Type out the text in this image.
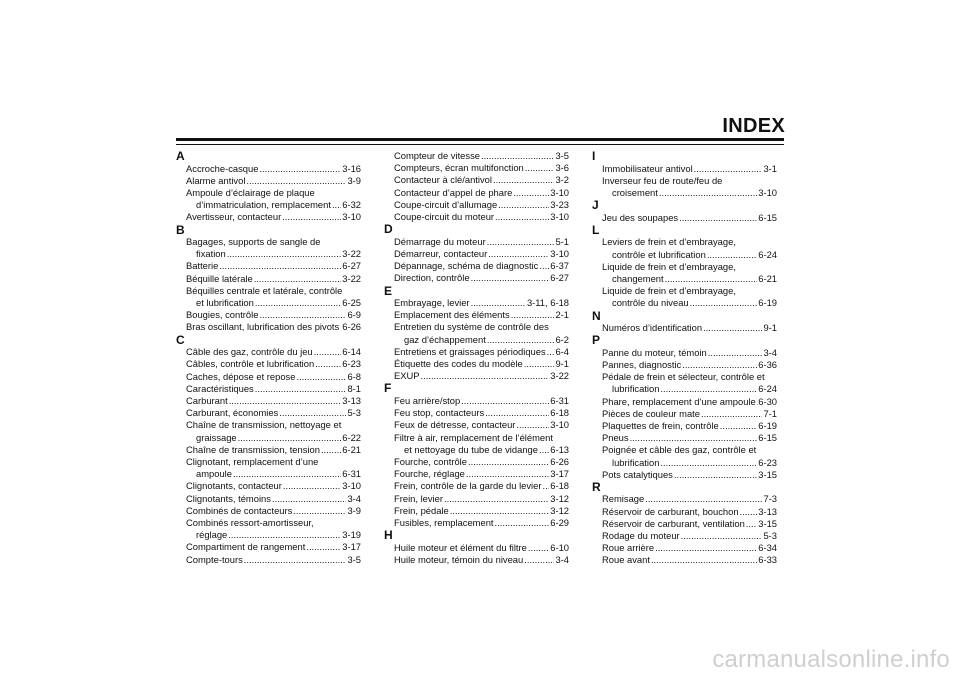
INDEX
A
Accroche-casque .....	3-16
Alarme antivol .....	3-9
Ampoule d’éclairage de plaque
d’immatriculation, remplacement ..... 6-32
Avertisseur, contacteur .....	3-10
B
Bagages, supports de sangle de
fixation .....	3-22
Batterie .....	6-27
Béquille latérale .....	3-22
Béquilles centrale et latérale, contrôle
et lubrification .....	6-25
Bougies, contrôle .....	6-9
Bras oscillant, lubrification des pivots ..... 6-26
C
Câble des gaz, contrôle du jeu .....	6-14
Câbles, contrôle et lubrification .....	6-23
Caches, dépose et repose .....	6-8
Caractéristiques .....	8-1
Carburant .....	3-13
Carburant, économies .....	5-3
Chaîne de transmission, nettoyage et
graissage .....	6-22
Chaîne de transmission, tension ..... 6-21
Clignotant, remplacement d’une
ampoule .....	6-31
Clignotants, contacteur .....	3-10
Clignotants, témoins .....	3-4
Combinés de contacteurs .....	3-9
Combinés ressort-amortisseur,
réglage .....	3-19
Compartiment de rangement .....	3-17
Compte-tours .....	3-5
Compteur de vitesse .....	3-5
Compteurs, écran multifonction .....	3-6
Contacteur à clé/antivol .....	3-2
Contacteur d’appel de phare .....	3-10
Coupe-circuit d’allumage .....	3-23
Coupe-circuit du moteur .....	3-10
D
Démarrage du moteur .....	5-1
Démarreur, contacteur .....	3-10
Dépannage, schéma de diagnostic ..... 6-37
Direction, contrôle .....	6-27
E
Embrayage, levier .....	3-11, 6-18
Emplacement des éléments .....	2-1
Entretien du système de contrôle des
gaz d’échappement .....	6-2
Entretiens et graissages périodiques ..... 6-4
Étiquette des codes du modèle .....	9-1
EXUP .....	3-22
F
Feu arrière/stop .....	6-31
Feu stop, contacteurs .....	6-18
Feux de détresse, contacteur .....	3-10
Filtre à air, remplacement de l’élément
et nettoyage du tube de vidange ..... 6-13
Fourche, contrôle .....	6-26
Fourche, réglage .....	3-17
Frein, contrôle de la garde du levier ..... 6-18
Frein, levier .....	3-12
Frein, pédale .....	3-12
Fusibles, remplacement .....	6-29
H
Huile moteur et élément du filtre ..... 6-10
Huile moteur, témoin du niveau .....	3-4
I
Immobilisateur antivol .....	3-1
Inverseur feu de route/feu de
croisement .....	3-10
J
Jeu des soupapes .....	6-15
L
Leviers de frein et d’embrayage,
contrôle et lubrification .....	6-24
Liquide de frein et d’embrayage,
changement .....	6-21
Liquide de frein et d’embrayage,
contrôle du niveau .....	6-19
N
Numéros d’identification .....	9-1
P
Panne du moteur, témoin .....	3-4
Pannes, diagnostic .....	6-36
Pédale de frein et sélecteur, contrôle et
lubrification .....	6-24
Phare, remplacement d’une ampoule ..... 6-30
Pièces de couleur mate .....	7-1
Plaquettes de frein, contrôle .....	6-19
Pneus .....	6-15
Poignée et câble des gaz, contrôle et
lubrification .....	6-23
Pots catalytiques .....	3-15
R
Remisage .....	7-3
Réservoir de carburant, bouchon ..... 3-13
Réservoir de carburant, ventilation ..... 3-15
Rodage du moteur .....	5-3
Roue arrière .....	6-34
Roue avant .....	6-33
carmanualsonline.info
